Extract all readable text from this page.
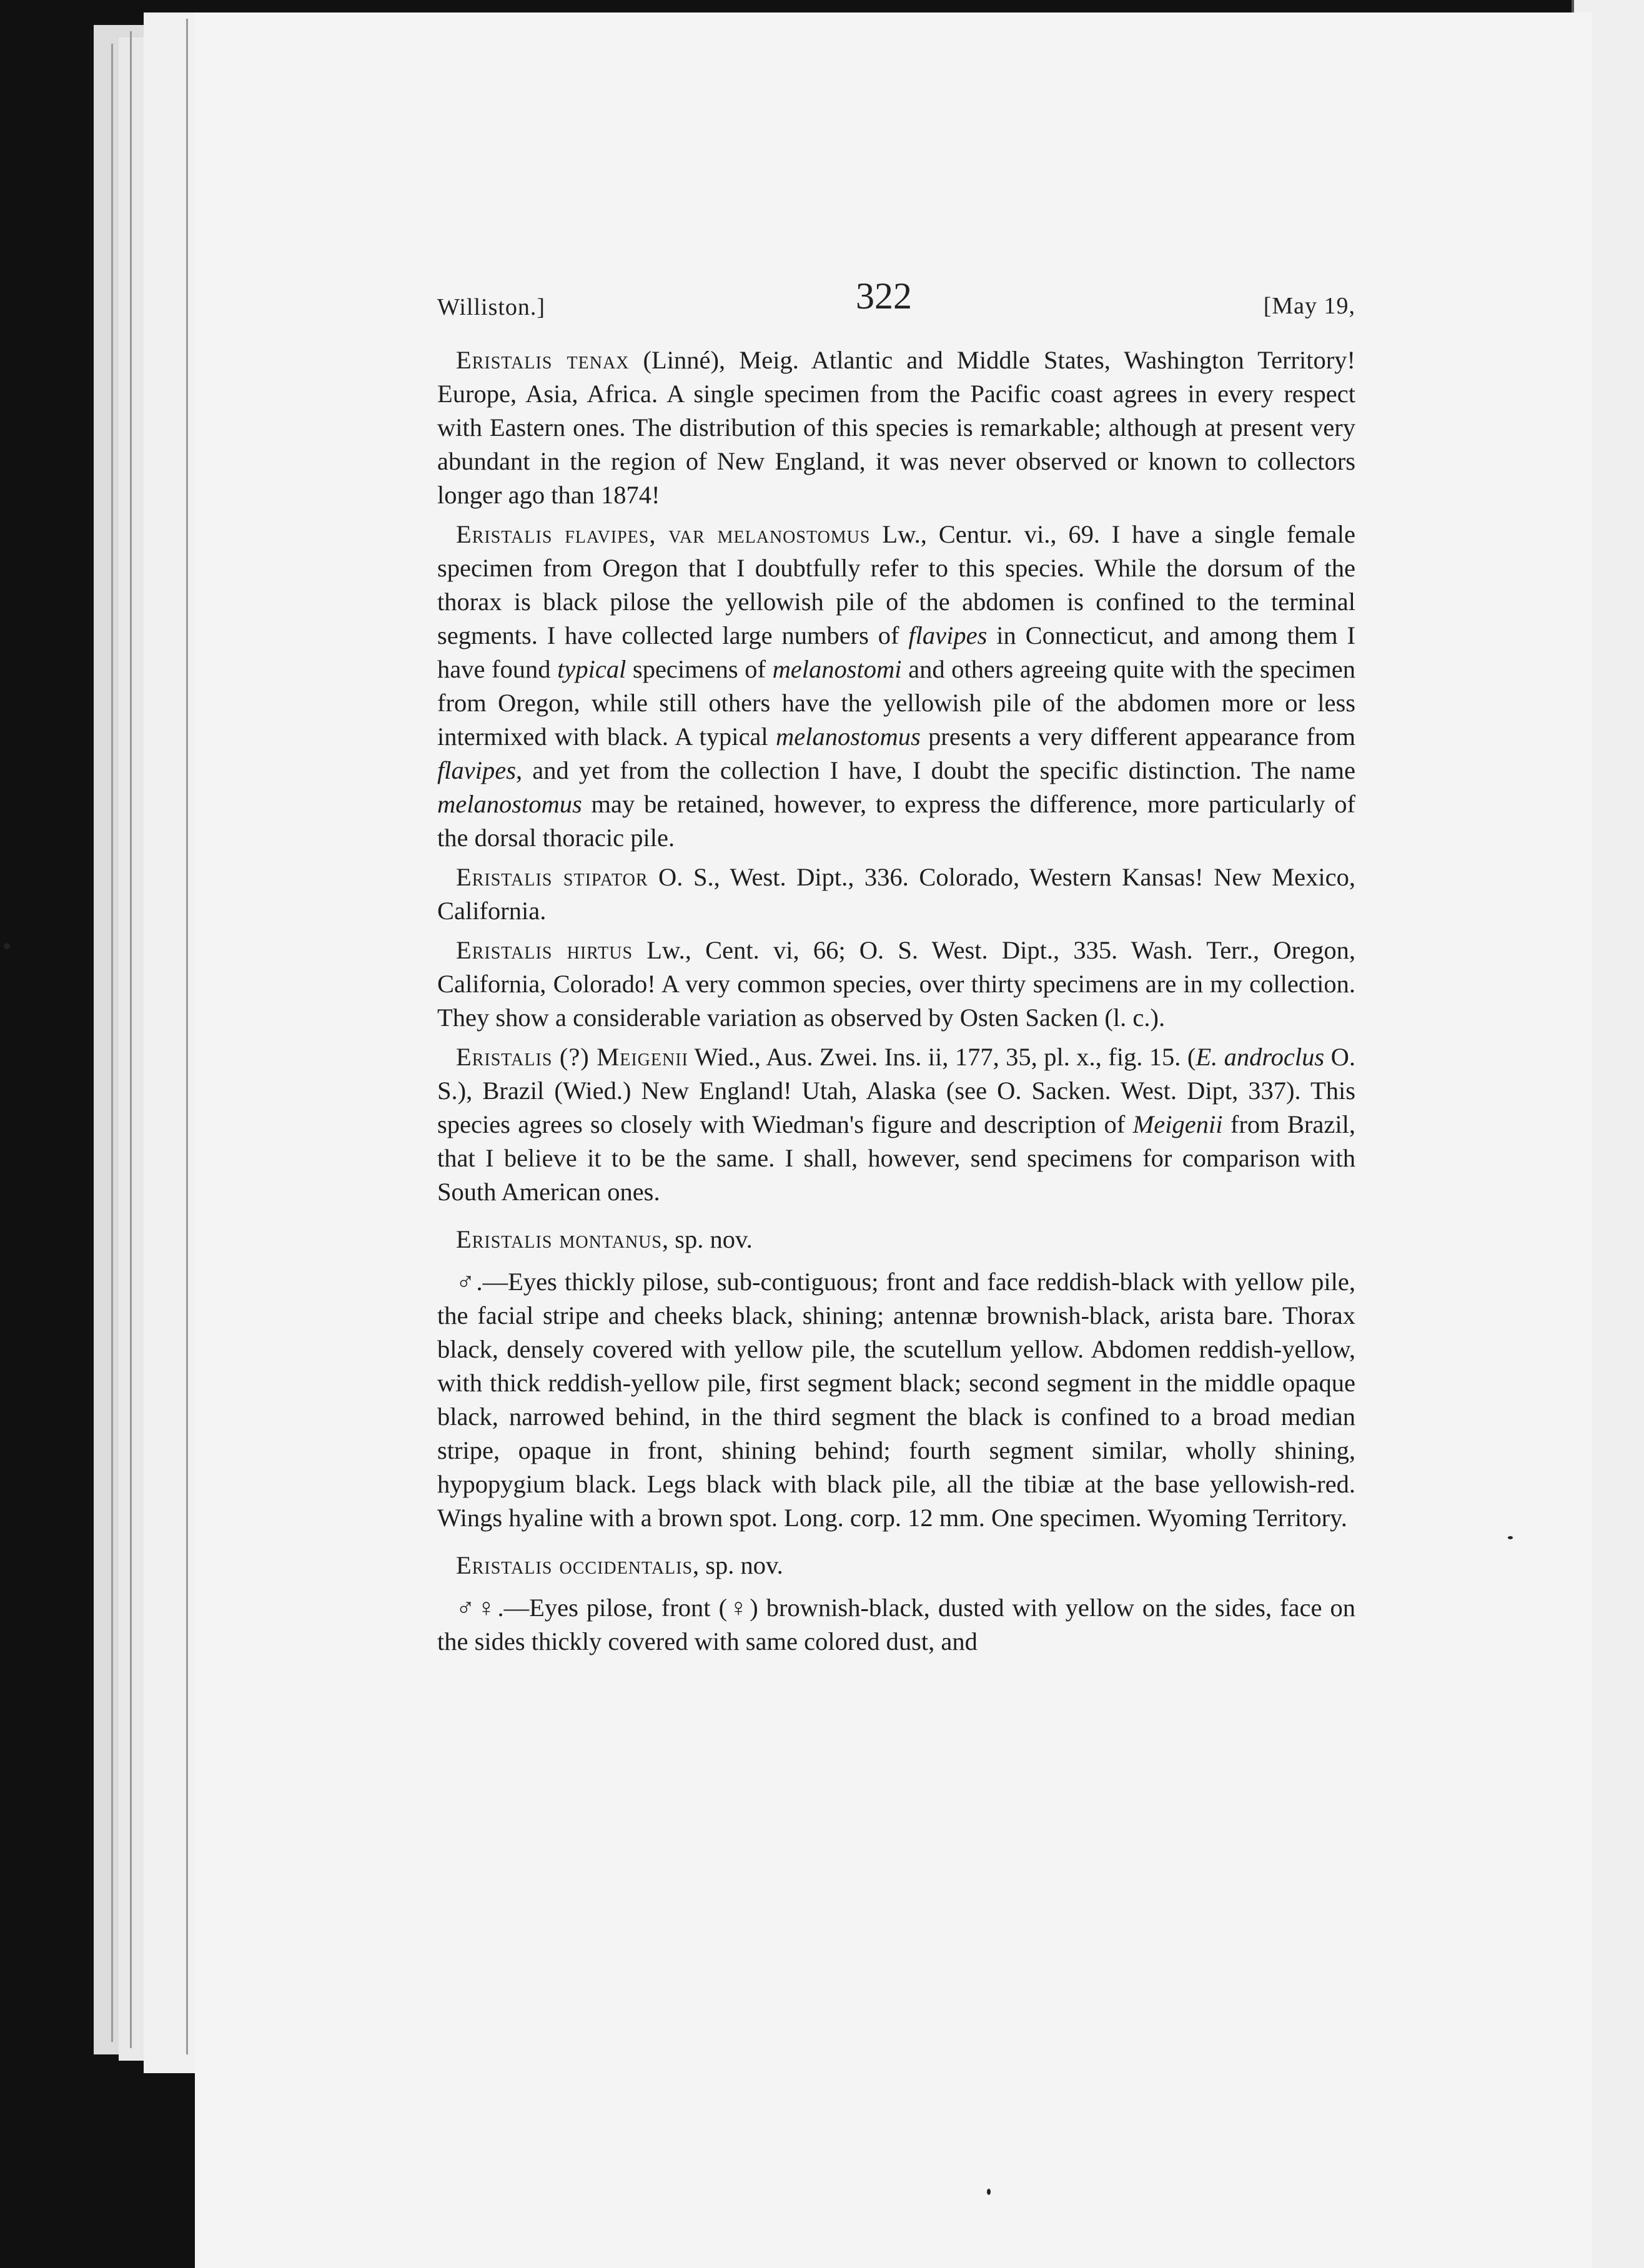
Williston.]	322	[May 19,

Eristalis tenax (Linné), Meig. Atlantic and Middle States, Washington Territory! Europe, Asia, Africa. A single specimen from the Pacific coast agrees in every respect with Eastern ones. The distribution of this species is remarkable; although at present very abundant in the region of New England, it was never observed or known to collectors longer ago than 1874!

Eristalis flavipes, var melanostomus Lw., Centur. vi., 69. I have a single female specimen from Oregon that I doubtfully refer to this species. While the dorsum of the thorax is black pilose the yellowish pile of the abdomen is confined to the terminal segments. I have collected large numbers of flavipes in Connecticut, and among them I have found typical specimens of melanostomi and others agreeing quite with the specimen from Oregon, while still others have the yellowish pile of the abdomen more or less intermixed with black. A typical melanostomus presents a very different appearance from flavipes, and yet from the collection I have, I doubt the specific distinction. The name melanostomus may be retained, however, to express the difference, more particularly of the dorsal thoracic pile.

Eristalis stipator O. S., West. Dipt., 336. Colorado, Western Kansas! New Mexico, California.

Eristalis hirtus Lw., Cent. vi, 66; O. S. West. Dipt., 335. Wash. Terr., Oregon, California, Colorado! A very common species, over thirty specimens are in my collection. They show a considerable variation as observed by Osten Sacken (l. c.).

Eristalis (?) Meigenii Wied., Aus. Zwei. Ins. ii, 177, 35, pl. x., fig. 15. (E. androclus O. S.), Brazil (Wied.) New England! Utah, Alaska (see O. Sacken. West. Dipt, 337). This species agrees so closely with Wiedman's figure and description of Meigenii from Brazil, that I believe it to be the same. I shall, however, send specimens for comparison with South American ones.

Eristalis montanus, sp. nov.

♂.—Eyes thickly pilose, sub-contiguous; front and face reddish-black with yellow pile, the facial stripe and cheeks black, shining; antennæ brownish-black, arista bare. Thorax black, densely covered with yellow pile, the scutellum yellow. Abdomen reddish-yellow, with thick reddish-yellow pile, first segment black; second segment in the middle opaque black, narrowed behind, in the third segment the black is confined to a broad median stripe, opaque in front, shining behind; fourth segment similar, wholly shining, hypopygium black. Legs black with black pile, all the tibiæ at the base yellowish-red. Wings hyaline with a brown spot. Long. corp. 12 mm. One specimen. Wyoming Territory.

Eristalis occidentalis, sp. nov.

♂♀.—Eyes pilose, front (♀) brownish-black, dusted with yellow on the sides, face on the sides thickly covered with same colored dust, and
